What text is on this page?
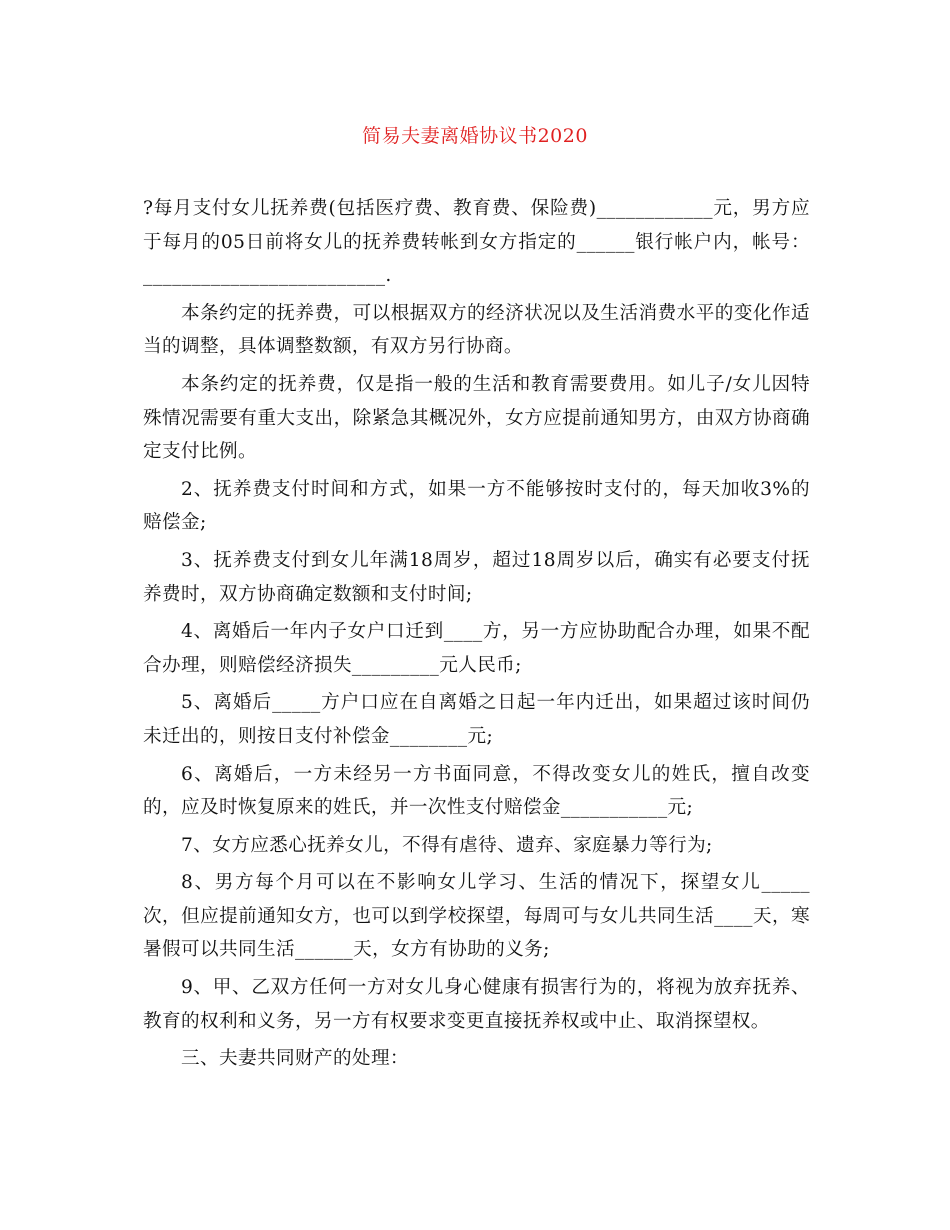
简易夫妻离婚协议书2020

?每月支付女儿抚养费(包括医疗费、教育费、保险费)____________元，男方应于每月的05日前将女儿的抚养费转帐到女方指定的______银行帐户内，帐号：_________________________.

本条约定的抚养费，可以根据双方的经济状况以及生活消费水平的变化作适当的调整，具体调整数额，有双方另行协商。

本条约定的抚养费，仅是指一般的生活和教育需要费用。如儿子/女儿因特殊情况需要有重大支出，除紧急其概况外，女方应提前通知男方，由双方协商确定支付比例。

2、抚养费支付时间和方式，如果一方不能够按时支付的，每天加收3%的赔偿金;

3、抚养费支付到女儿年满18周岁，超过18周岁以后，确实有必要支付抚养费时，双方协商确定数额和支付时间;

4、离婚后一年内子女户口迁到____方，另一方应协助配合办理，如果不配合办理，则赔偿经济损失_________元人民币;

5、离婚后_____方户口应在自离婚之日起一年内迁出，如果超过该时间仍未迁出的，则按日支付补偿金________元;

6、离婚后，一方未经另一方书面同意，不得改变女儿的姓氏，擅自改变的，应及时恢复原来的姓氏，并一次性支付赔偿金___________元;

7、女方应悉心抚养女儿，不得有虐待、遗弃、家庭暴力等行为;

8、男方每个月可以在不影响女儿学习、生活的情况下，探望女儿_____次，但应提前通知女方，也可以到学校探望，每周可与女儿共同生活____天，寒暑假可以共同生活______天，女方有协助的义务;

9、甲、乙双方任何一方对女儿身心健康有损害行为的，将视为放弃抚养、教育的权利和义务，另一方有权要求变更直接抚养权或中止、取消探望权。

三、夫妻共同财产的处理：
